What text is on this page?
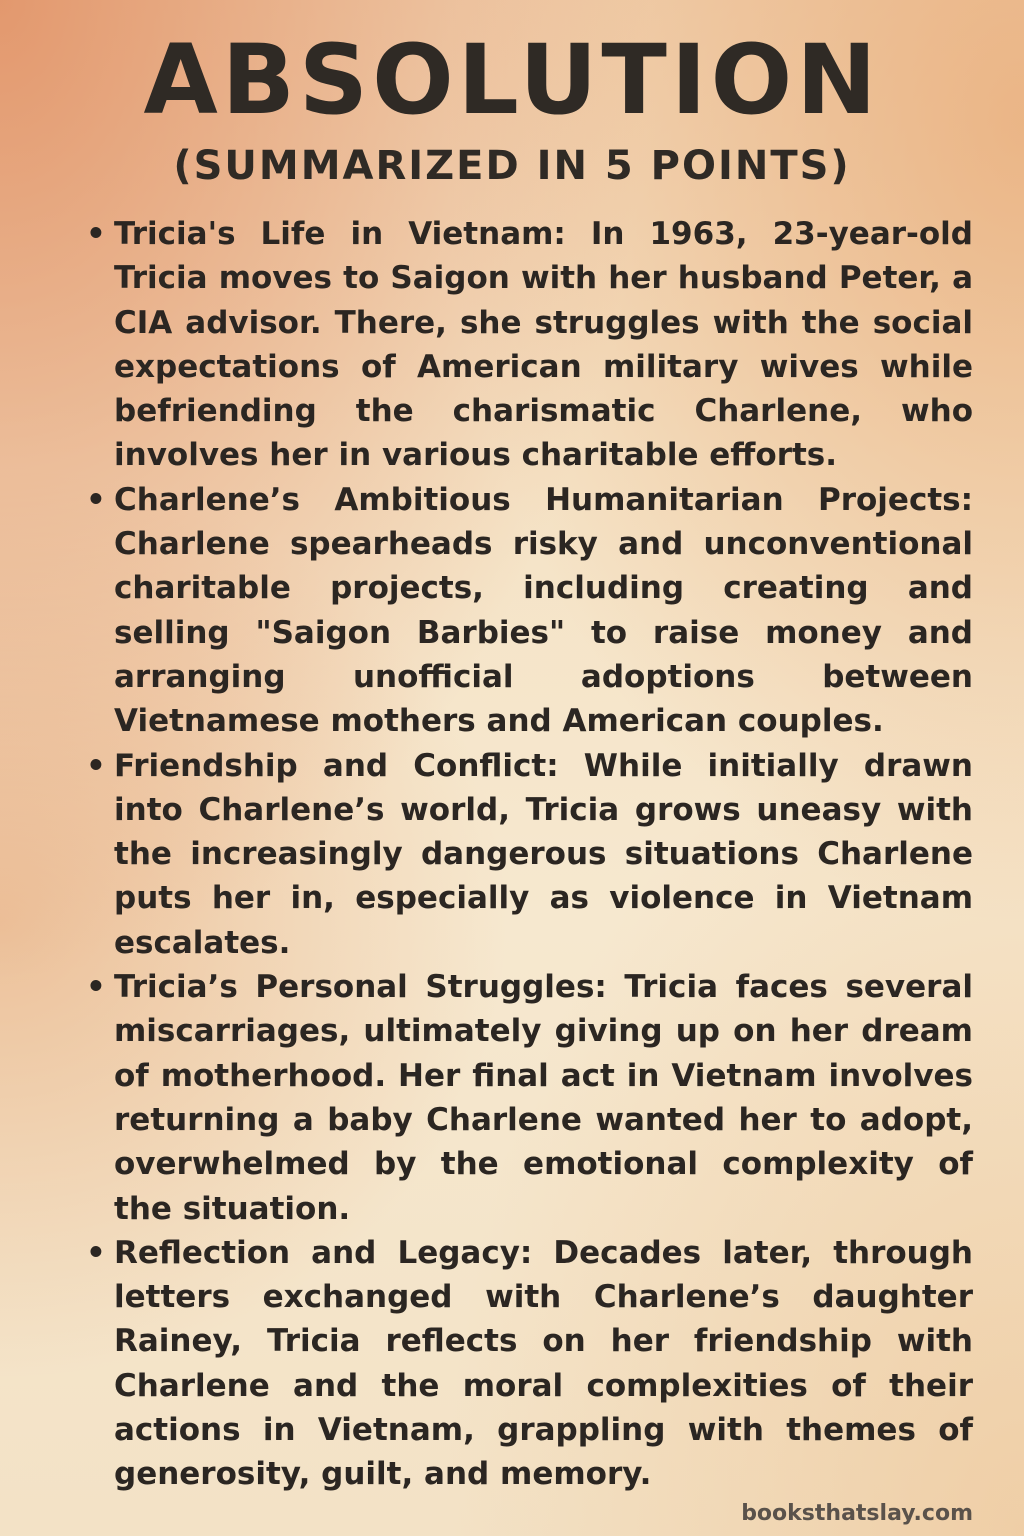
ABSOLUTION
(SUMMARIZED IN 5 POINTS)
• Tricia's Life in Vietnam: In 1963, 23-year-old Tricia moves to Saigon with her husband Peter, a CIA advisor. There, she struggles with the social expectations of American military wives while befriending the charismatic Charlene, who involves her in various charitable efforts.
• Charlene’s Ambitious Humanitarian Projects: Charlene spearheads risky and unconventional charitable projects, including creating and selling "Saigon Barbies" to raise money and arranging unofficial adoptions between Vietnamese mothers and American couples.
• Friendship and Conflict: While initially drawn into Charlene’s world, Tricia grows uneasy with the increasingly dangerous situations Charlene puts her in, especially as violence in Vietnam escalates.
• Tricia’s Personal Struggles: Tricia faces several miscarriages, ultimately giving up on her dream of motherhood. Her final act in Vietnam involves returning a baby Charlene wanted her to adopt, overwhelmed by the emotional complexity of the situation.
• Reflection and Legacy: Decades later, through letters exchanged with Charlene’s daughter Rainey, Tricia reflects on her friendship with Charlene and the moral complexities of their actions in Vietnam, grappling with themes of generosity, guilt, and memory.
booksthatslay.com
